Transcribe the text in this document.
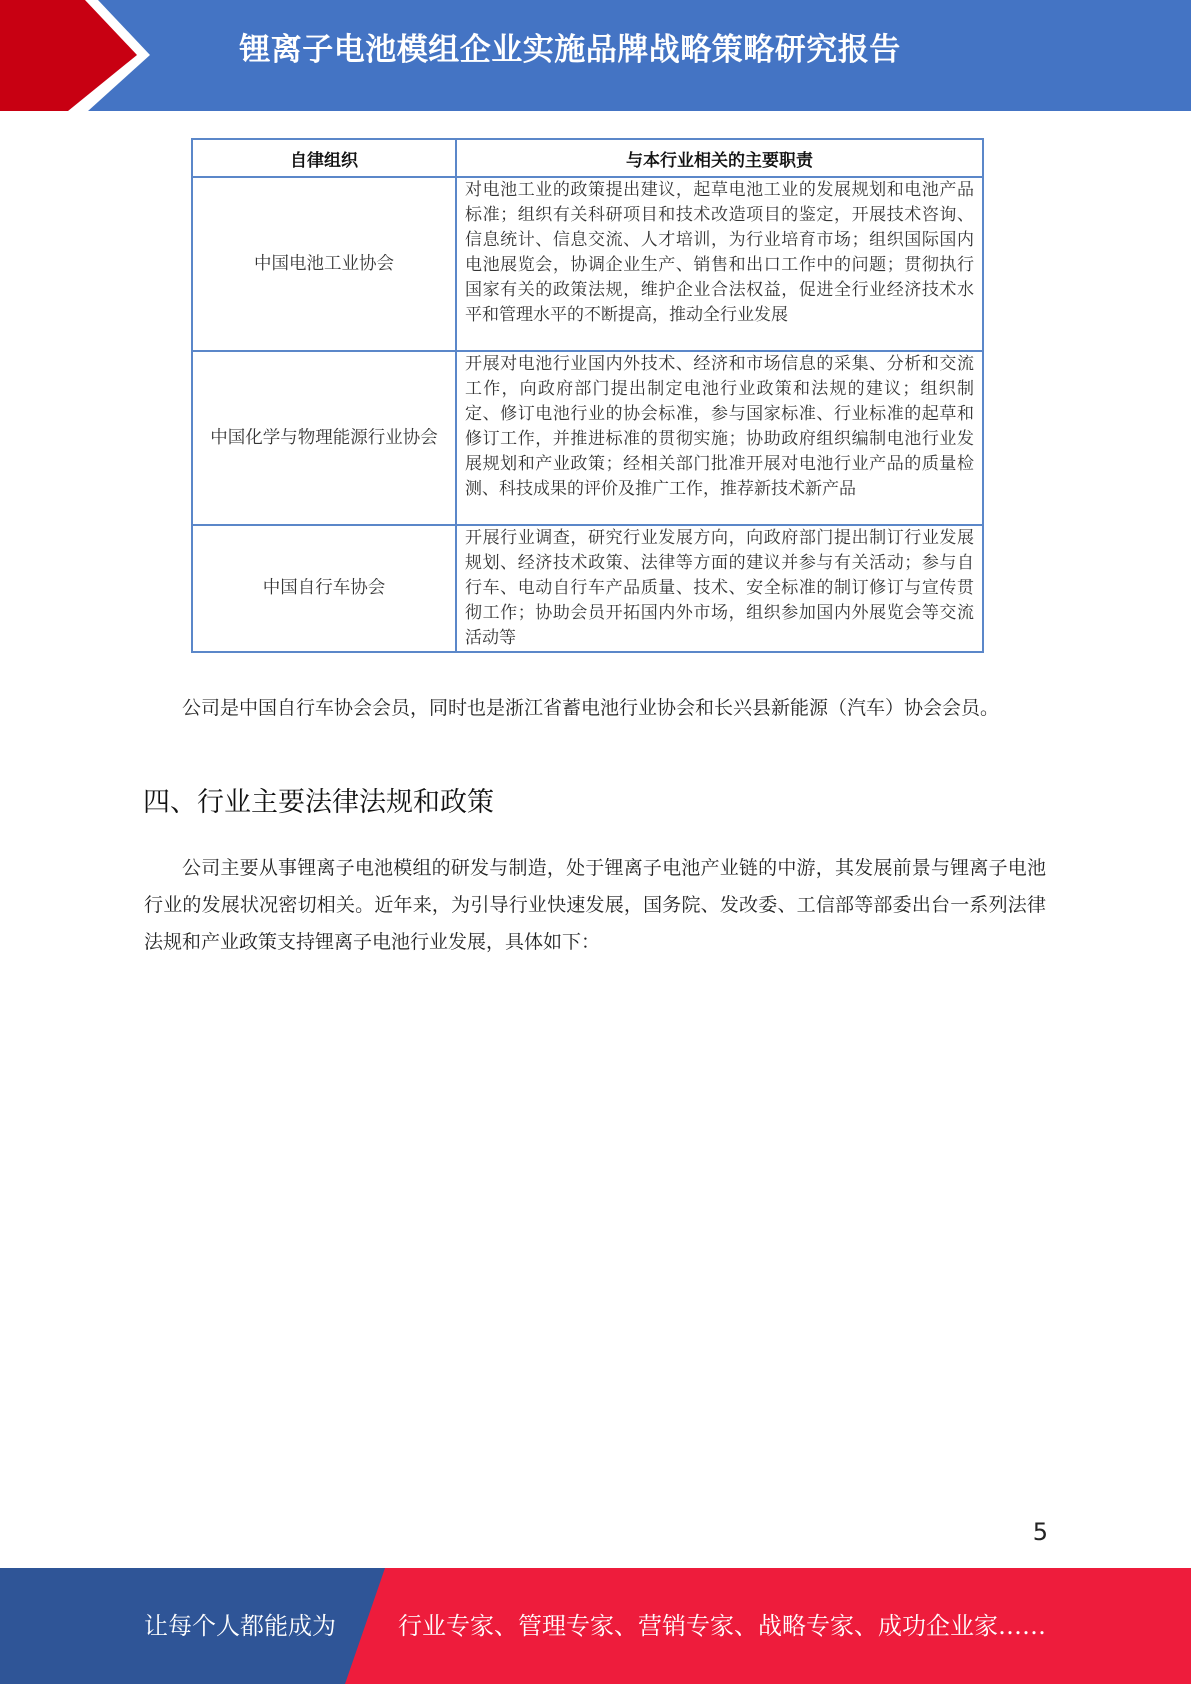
锂离子电池模组企业实施品牌战略策略研究报告
自律组织	与本行业相关的主要职责
中国电池工业协会	对电池工业的政策提出建议，起草电池工业的发展规划和电池产品标准；组织有关科研项目和技术改造项目的鉴定，开展技术咨询、信息统计、信息交流、人才培训，为行业培育市场；组织国际国内电池展览会，协调企业生产、销售和出口工作中的问题；贯彻执行国家有关的政策法规，维护企业合法权益，促进全行业经济技术水平和管理水平的不断提高，推动全行业发展
中国化学与物理能源行业协会	开展对电池行业国内外技术、经济和市场信息的采集、分析和交流工作，向政府部门提出制定电池行业政策和法规的建议；组织制定、修订电池行业的协会标准，参与国家标准、行业标准的起草和修订工作，并推进标准的贯彻实施；协助政府组织编制电池行业发展规划和产业政策；经相关部门批准开展对电池行业产品的质量检测、科技成果的评价及推广工作，推荐新技术新产品
中国自行车协会	开展行业调查，研究行业发展方向，向政府部门提出制订行业发展规划、经济技术政策、法律等方面的建议并参与有关活动；参与自行车、电动自行车产品质量、技术、安全标准的制订修订与宣传贯彻工作；协助会员开拓国内外市场，组织参加国内外展览会等交流活动等

公司是中国自行车协会会员，同时也是浙江省蓄电池行业协会和长兴县新能源（汽车）协会会员。

四、行业主要法律法规和政策

公司主要从事锂离子电池模组的研发与制造，处于锂离子电池产业链的中游，其发展前景与锂离子电池行业的发展状况密切相关。近年来，为引导行业快速发展，国务院、发改委、工信部等部委出台一系列法律法规和产业政策支持锂离子电池行业发展，具体如下：

5
让每个人都能成为	行业专家、管理专家、营销专家、战略专家、成功企业家……
